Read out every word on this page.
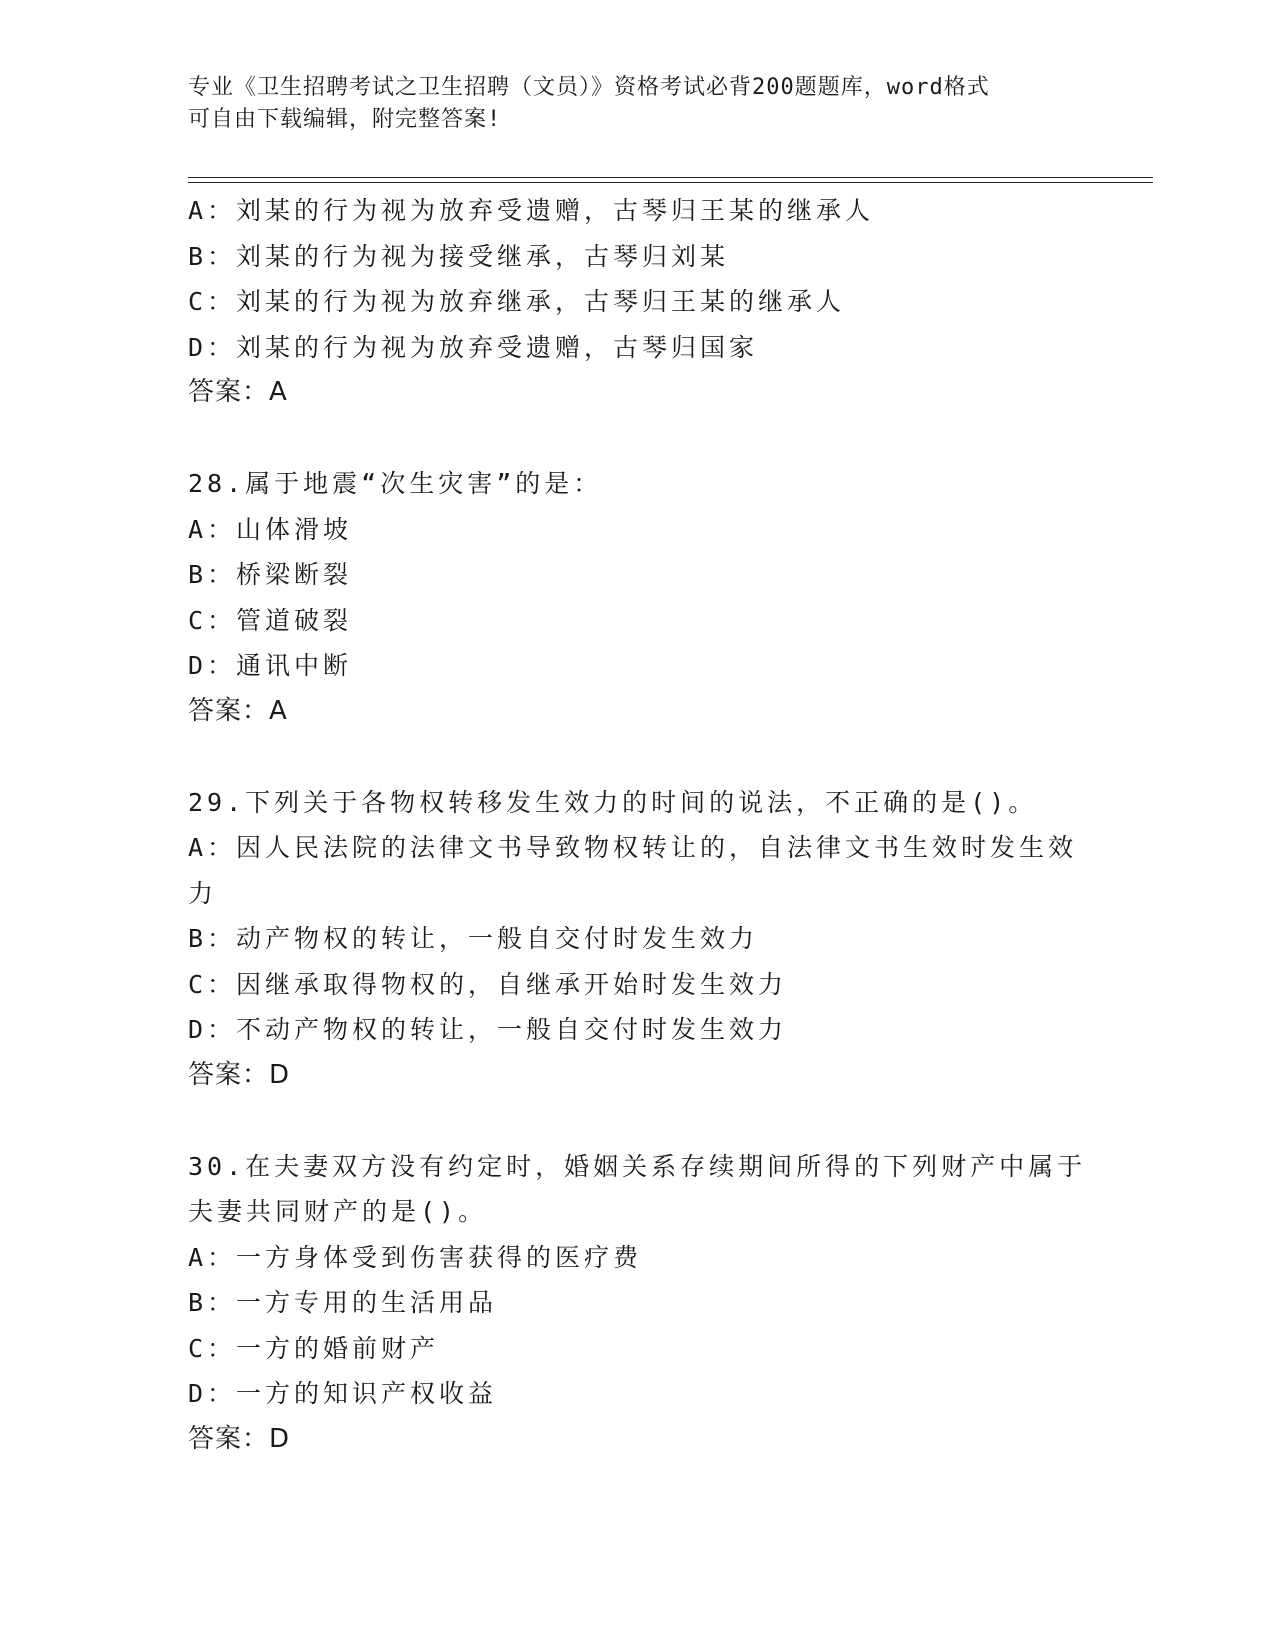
专业《卫生招聘考试之卫生招聘（文员）》资格考试必背200题题库，word格式
可自由下载编辑，附完整答案!
A：刘某的行为视为放弃受遗赠，古琴归王某的继承人
B：刘某的行为视为接受继承，古琴归刘某
C：刘某的行为视为放弃继承，古琴归王某的继承人
D：刘某的行为视为放弃受遗赠，古琴归国家
答案：A
28.属于地震“次生灾害”的是：
A：山体滑坡
B：桥梁断裂
C：管道破裂
D：通讯中断
答案：A
29.下列关于各物权转移发生效力的时间的说法，不正确的是()。
A：因人民法院的法律文书导致物权转让的，自法律文书生效时发生效
力
B：动产物权的转让，一般自交付时发生效力
C：因继承取得物权的，自继承开始时发生效力
D：不动产物权的转让，一般自交付时发生效力
答案：D
30.在夫妻双方没有约定时，婚姻关系存续期间所得的下列财产中属于
夫妻共同财产的是()。
A：一方身体受到伤害获得的医疗费
B：一方专用的生活用品
C：一方的婚前财产
D：一方的知识产权收益
答案：D
